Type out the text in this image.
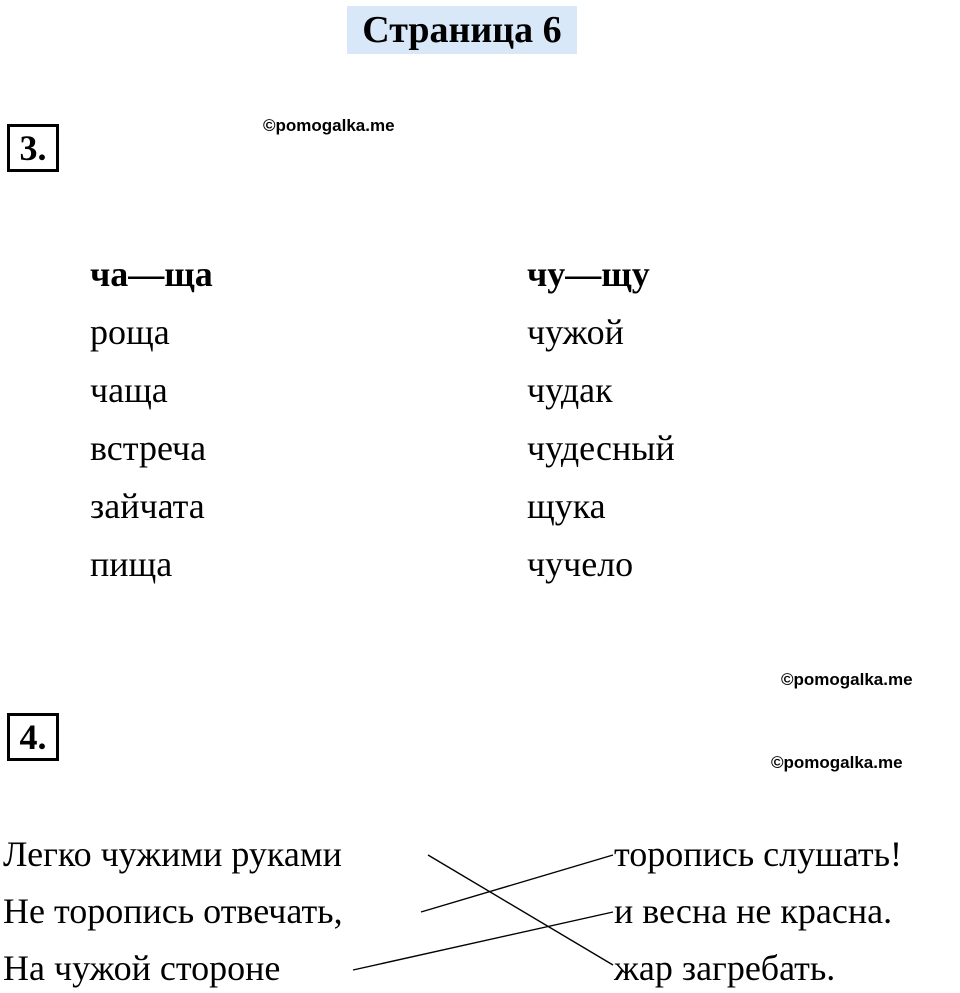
Страница 6
©pomogalka.me
©pomogalka.me
©pomogalka.me
3.
ча—ща
роща
чаща
встреча
зайчата
пища
чу—щу
чужой
чудак
чудесный
щука
чучело
4.
Легко чужими руками
Не торопись отвечать,
На чужой стороне
торопись слушать!
и весна не красна.
жар загребать.
